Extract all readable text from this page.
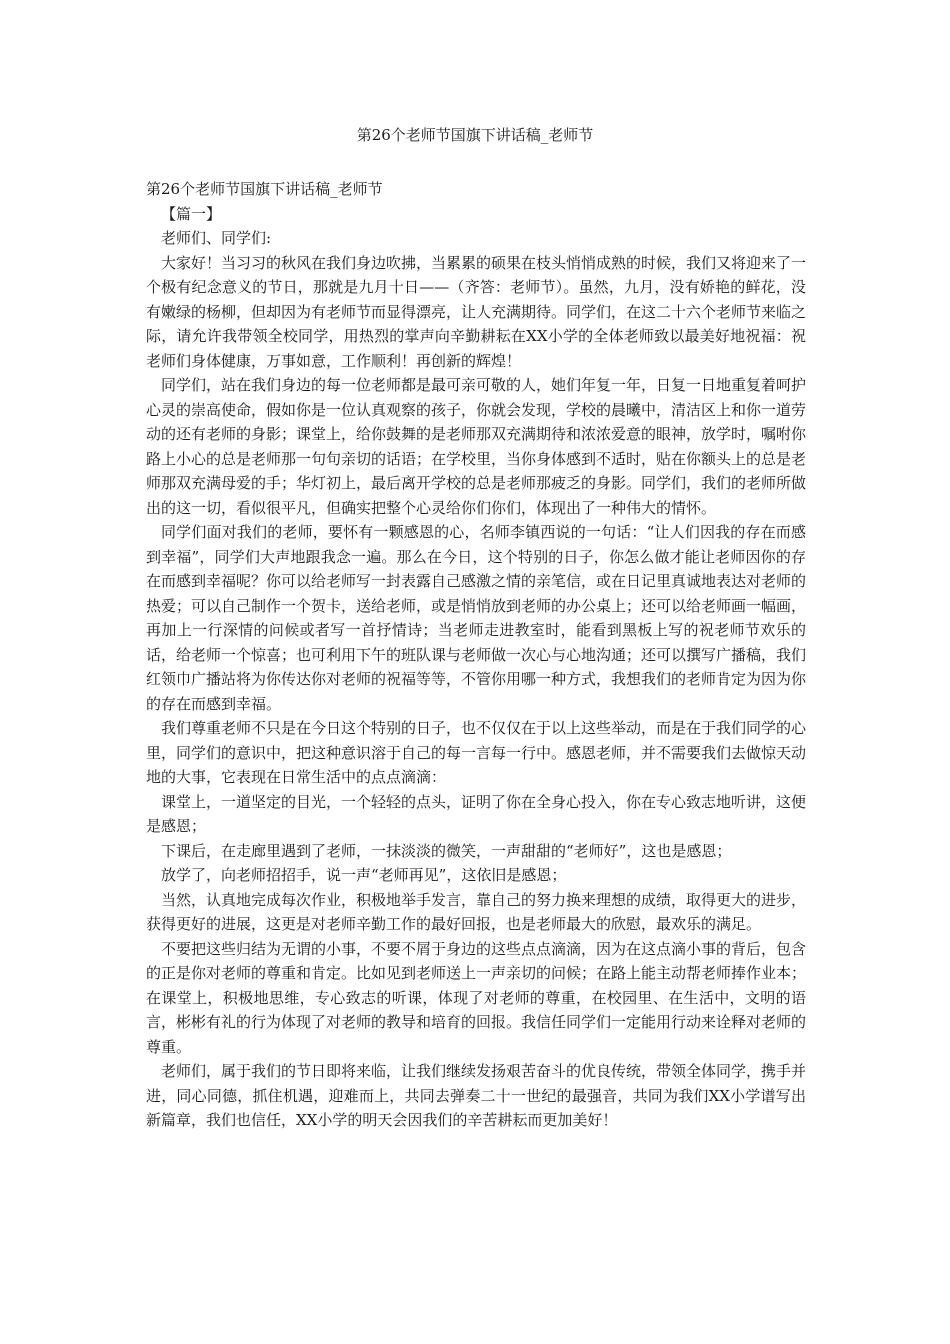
第26个老师节国旗下讲话稿_老师节

第26个老师节国旗下讲话稿_老师节

【篇一】

老师们、同学们:

大家好！当习习的秋风在我们身边吹拂，当累累的硕果在枝头悄悄成熟的时候，我们又将迎来了一个极有纪念意义的节日，那就是九月十日——（齐答：老师节）。虽然，九月，没有娇艳的鲜花，没有嫩绿的杨柳，但却因为有老师节而显得漂亮，让人充满期待。同学们，在这二十六个老师节来临之际，请允许我带领全校同学，用热烈的掌声向辛勤耕耘在XX小学的全体老师致以最美好地祝福：祝老师们身体健康，万事如意，工作顺利！再创新的辉煌！

同学们，站在我们身边的每一位老师都是最可亲可敬的人，她们年复一年，日复一日地重复着呵护心灵的崇高使命，假如你是一位认真观察的孩子，你就会发现，学校的晨曦中，清洁区上和你一道劳动的还有老师的身影；课堂上，给你鼓舞的是老师那双充满期待和浓浓爱意的眼神，放学时，嘱咐你路上小心的总是老师那一句句亲切的话语；在学校里，当你身体感到不适时，贴在你额头上的总是老师那双充满母爱的手；华灯初上，最后离开学校的总是老师那疲乏的身影。同学们，我们的老师所做出的这一切，看似很平凡，但确实把整个心灵给你们你们，体现出了一种伟大的情怀。

同学们面对我们的老师，要怀有一颗感恩的心，名师李镇西说的一句话：“让人们因我的存在而感到幸福”，同学们大声地跟我念一遍。那么在今日，这个特别的日子，你怎么做才能让老师因你的存在而感到幸福呢？你可以给老师写一封表露自己感激之情的亲笔信，或在日记里真诚地表达对老师的热爱；可以自己制作一个贺卡，送给老师，或是悄悄放到老师的办公桌上；还可以给老师画一幅画，再加上一行深情的问候或者写一首抒情诗；当老师走进教室时，能看到黑板上写的祝老师节欢乐的话，给老师一个惊喜；也可利用下午的班队课与老师做一次心与心地沟通；还可以撰写广播稿，我们红领巾广播站将为你传达你对老师的祝福等等，不管你用哪一种方式，我想我们的老师肯定为因为你的存在而感到幸福。

我们尊重老师不只是在今日这个特别的日子，也不仅仅在于以上这些举动，而是在于我们同学的心里，同学们的意识中，把这种意识溶于自己的每一言每一行中。感恩老师，并不需要我们去做惊天动地的大事，它表现在日常生活中的点点滴滴：

课堂上，一道坚定的目光，一个轻轻的点头，证明了你在全身心投入，你在专心致志地听讲，这便是感恩；

下课后，在走廊里遇到了老师，一抹淡淡的微笑，一声甜甜的“老师好”，这也是感恩；

放学了，向老师招招手，说一声“老师再见”，这依旧是感恩；

当然，认真地完成每次作业，积极地举手发言，靠自己的努力换来理想的成绩，取得更大的进步，获得更好的进展，这更是对老师辛勤工作的最好回报，也是老师最大的欣慰，最欢乐的满足。

不要把这些归结为无谓的小事，不要不屑于身边的这些点点滴滴，因为在这点滴小事的背后，包含的正是你对老师的尊重和肯定。比如见到老师送上一声亲切的问候；在路上能主动帮老师捧作业本；在课堂上，积极地思维，专心致志的听课，体现了对老师的尊重，在校园里、在生活中，文明的语言，彬彬有礼的行为体现了对老师的教导和培育的回报。我信任同学们一定能用行动来诠释对老师的尊重。

老师们，属于我们的节日即将来临，让我们继续发扬艰苦奋斗的优良传统，带领全体同学，携手并进，同心同德，抓住机遇，迎难而上，共同去弹奏二十一世纪的最强音，共同为我们XX小学谱写出新篇章，我们也信任，XX小学的明天会因我们的辛苦耕耘而更加美好！
